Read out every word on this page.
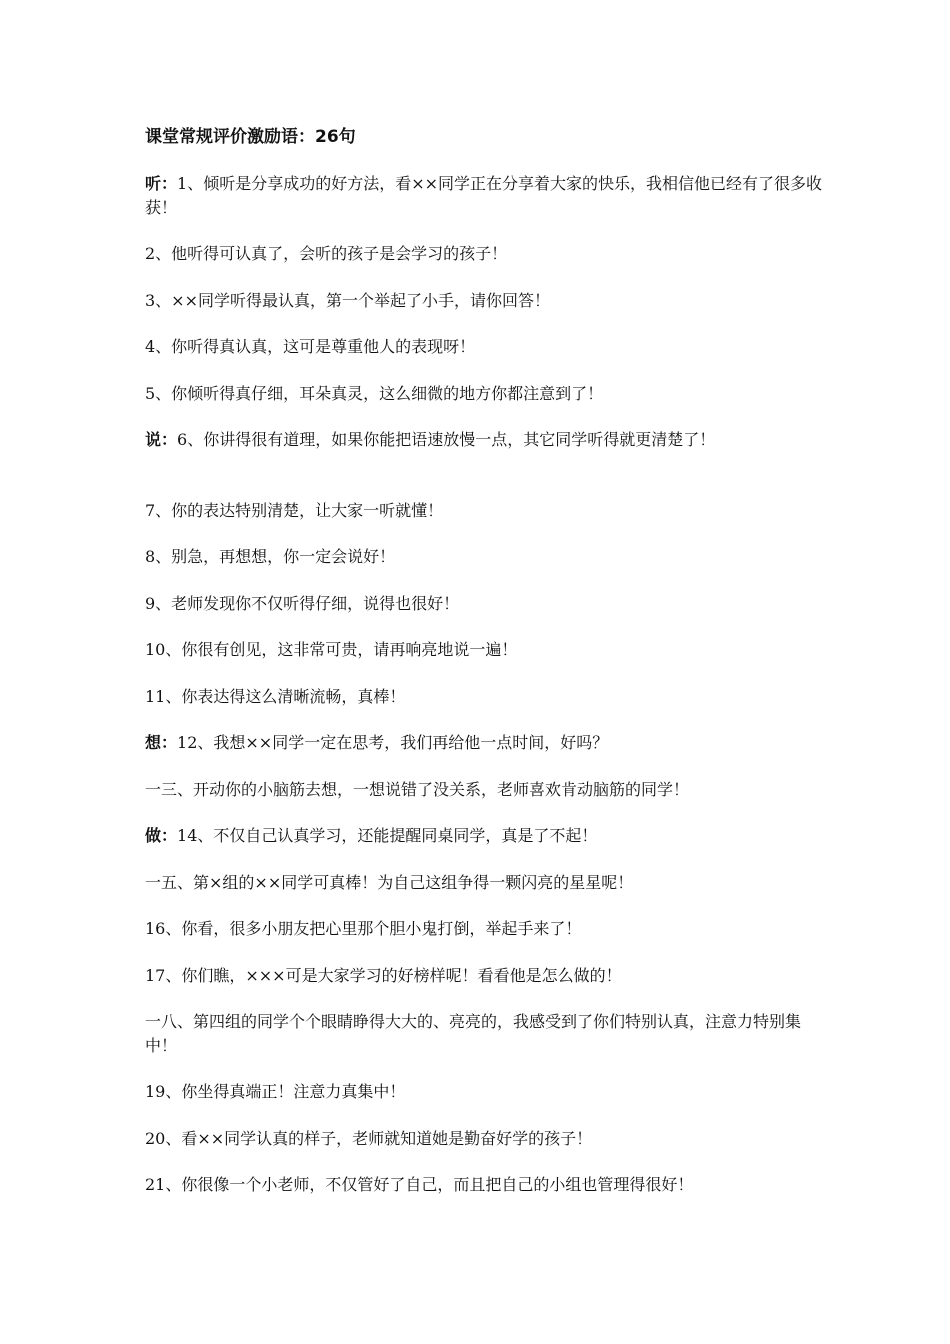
课堂常规评价激励语：26句

听：1、倾听是分享成功的好方法，看××同学正在分享着大家的快乐，我相信他已经有了很多收获！

2、他听得可认真了，会听的孩子是会学习的孩子！

3、××同学听得最认真，第一个举起了小手，请你回答！

4、你听得真认真，这可是尊重他人的表现呀！

5、你倾听得真仔细，耳朵真灵，这么细微的地方你都注意到了！

说：6、你讲得很有道理，如果你能把语速放慢一点，其它同学听得就更清楚了！

7、你的表达特别清楚，让大家一听就懂！

8、别急，再想想，你一定会说好！

9、老师发现你不仅听得仔细，说得也很好！

10、你很有创见，这非常可贵，请再响亮地说一遍！

11、你表达得这么清晰流畅，真棒！

想：12、我想××同学一定在思考，我们再给他一点时间，好吗？

一三、开动你的小脑筋去想，一想说错了没关系，老师喜欢肯动脑筋的同学！

做：14、不仅自己认真学习，还能提醒同桌同学，真是了不起！

一五、第×组的××同学可真棒！为自己这组争得一颗闪亮的星星呢！

16、你看，很多小朋友把心里那个胆小鬼打倒，举起手来了！

17、你们瞧，×××可是大家学习的好榜样呢！看看他是怎么做的！

一八、第四组的同学个个眼睛睁得大大的、亮亮的，我感受到了你们特别认真，注意力特别集中！

19、你坐得真端正！注意力真集中！

20、看××同学认真的样子，老师就知道她是勤奋好学的孩子！

21、你很像一个小老师，不仅管好了自己，而且把自己的小组也管理得很好！
